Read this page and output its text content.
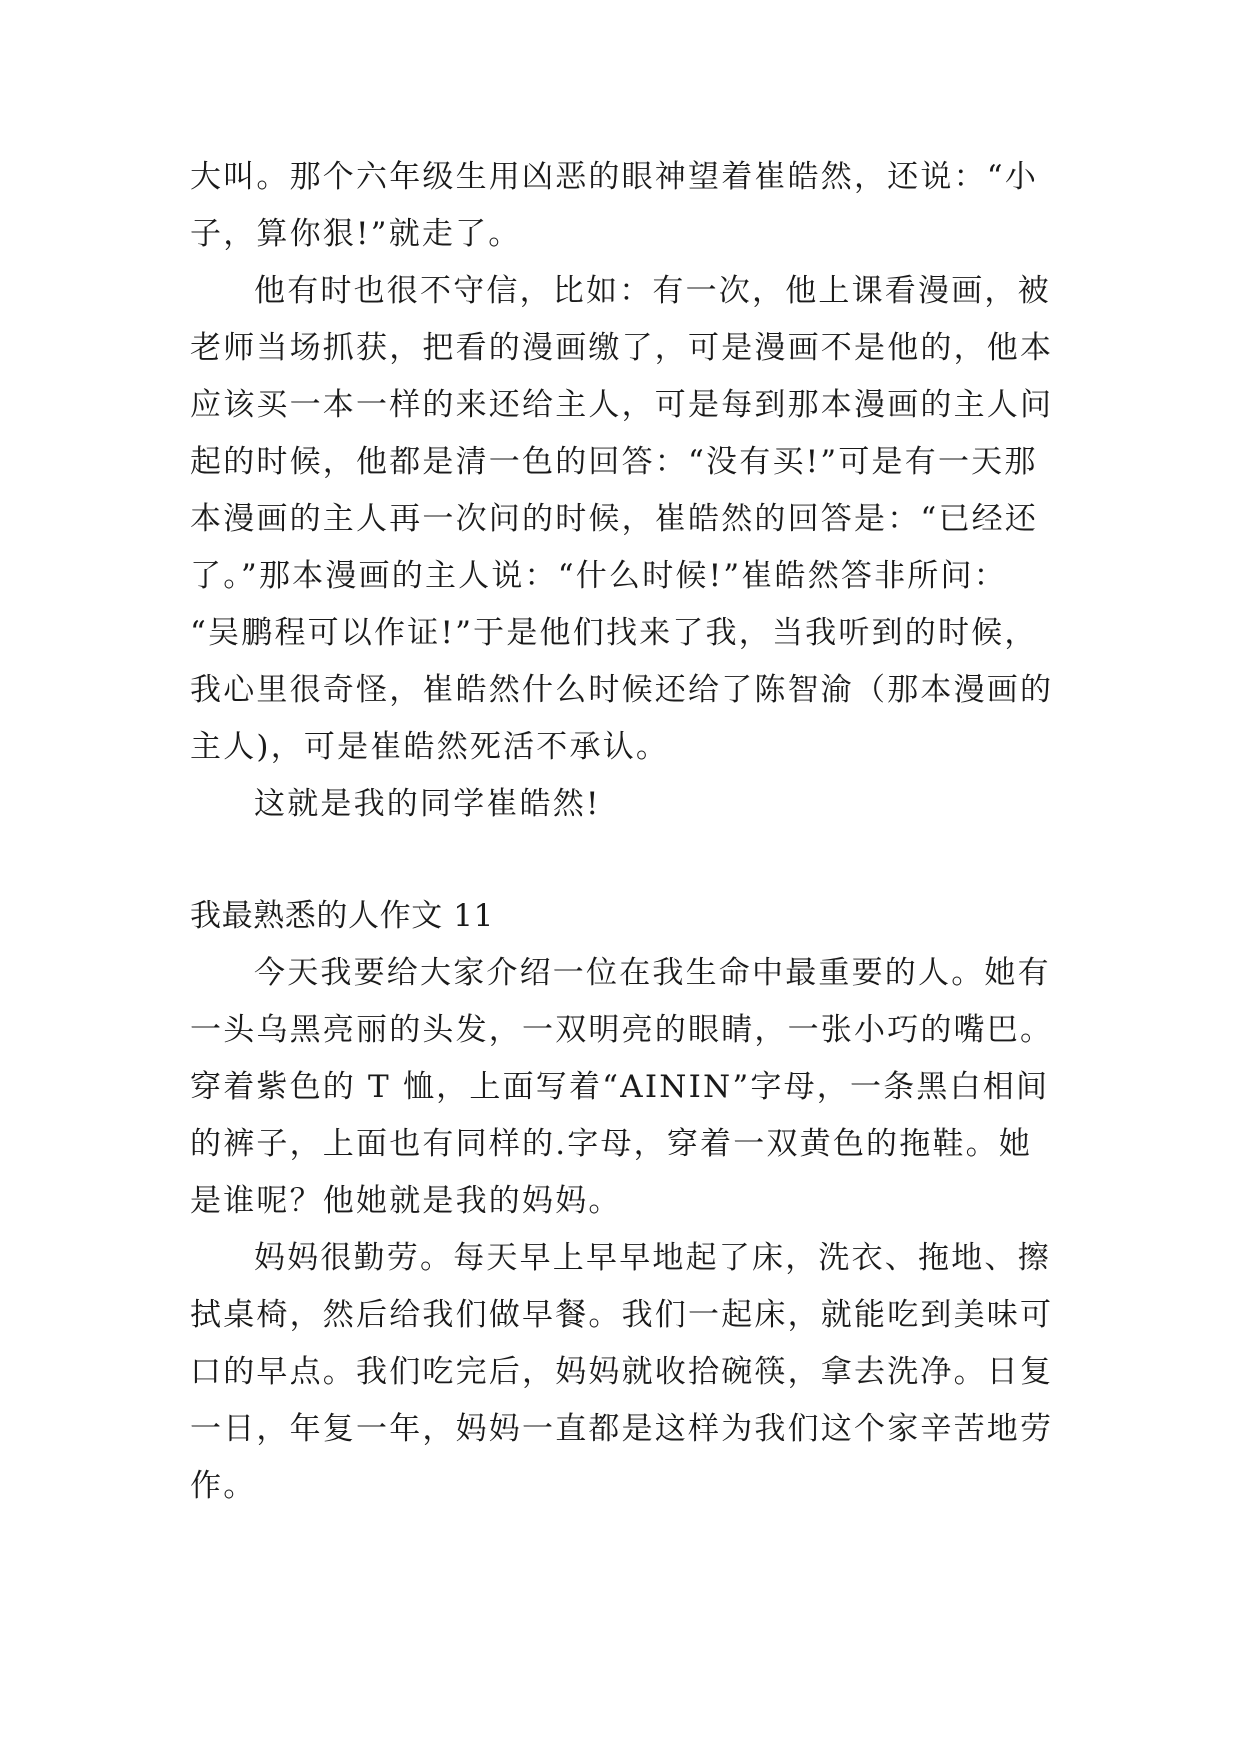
大叫。那个六年级生用凶恶的眼神望着崔皓然，还说：“小
子，算你狠!”就走了。
他有时也很不守信，比如：有一次，他上课看漫画，被
老师当场抓获，把看的漫画缴了，可是漫画不是他的，他本
应该买一本一样的来还给主人，可是每到那本漫画的主人问
起的时候，他都是清一色的回答：“没有买!”可是有一天那
本漫画的主人再一次问的时候，崔皓然的回答是：“已经还
了。”那本漫画的主人说：“什么时候!”崔皓然答非所问：
“吴鹏程可以作证!”于是他们找来了我，当我听到的时候，
我心里很奇怪，崔皓然什么时候还给了陈智渝（那本漫画的
主人)，可是崔皓然死活不承认。
这就是我的同学崔皓然!
我最熟悉的人作文 11
今天我要给大家介绍一位在我生命中最重要的人。她有
一头乌黑亮丽的头发，一双明亮的眼睛，一张小巧的嘴巴。
穿着紫色的 T 恤，上面写着“AININ”字母，一条黑白相间
的裤子，上面也有同样的.字母，穿着一双黄色的拖鞋。她
是谁呢？他她就是我的妈妈。
妈妈很勤劳。每天早上早早地起了床，洗衣、拖地、擦
拭桌椅，然后给我们做早餐。我们一起床，就能吃到美味可
口的早点。我们吃完后，妈妈就收拾碗筷，拿去洗净。日复
一日，年复一年，妈妈一直都是这样为我们这个家辛苦地劳
作。
